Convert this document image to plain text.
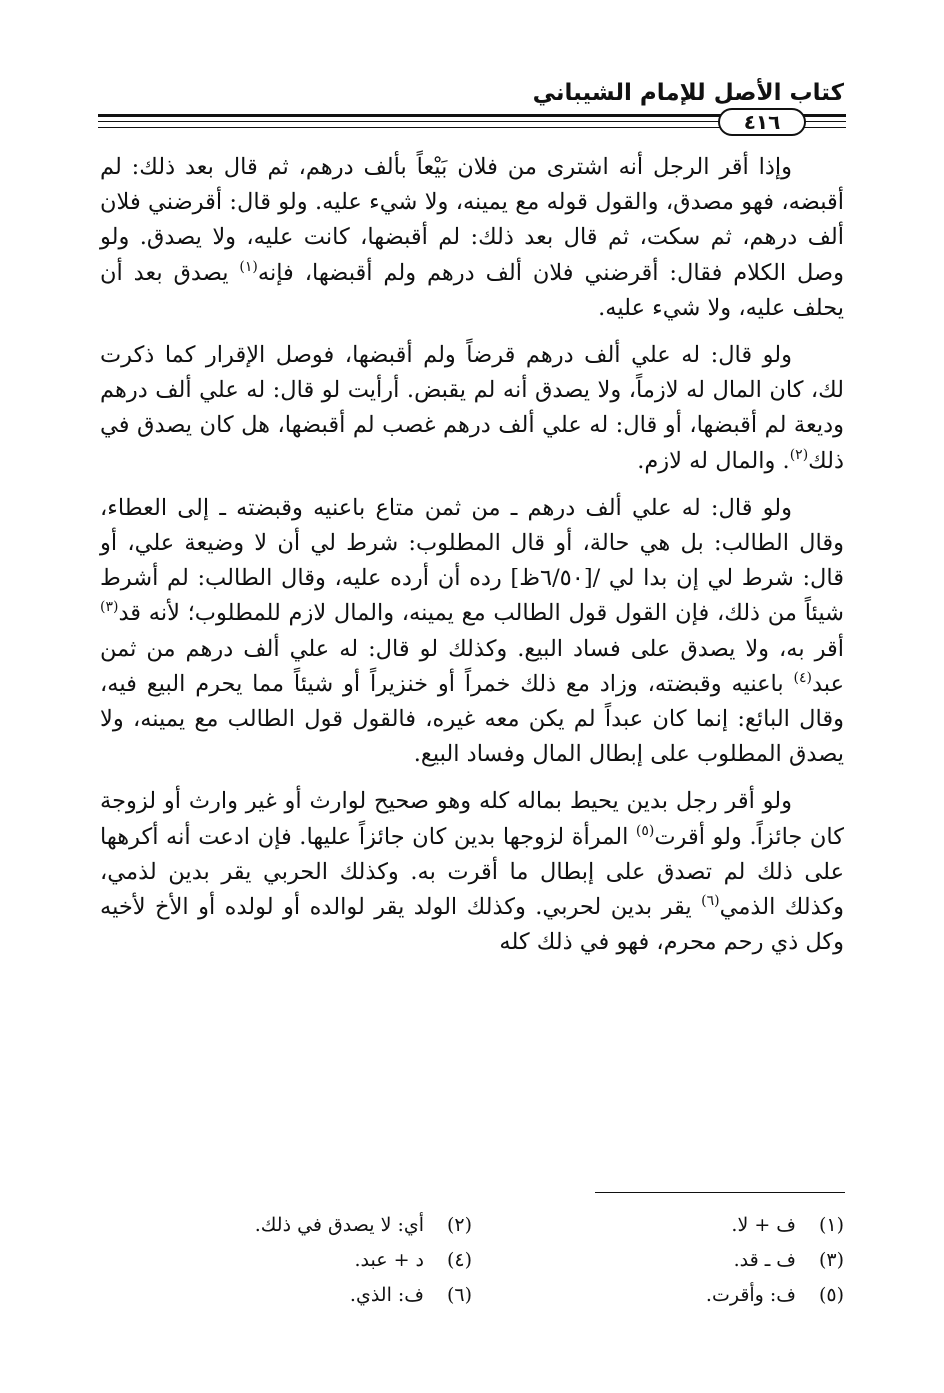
كتاب الأصل للإمام الشيباني
٤١٦

وإذا أقر الرجل أنه اشترى من فلان بَيْعاً بألف درهم، ثم قال بعد ذلك: لم أقبضه، فهو مصدق، والقول قوله مع يمينه، ولا شيء عليه. ولو قال: أقرضني فلان ألف درهم، ثم سكت، ثم قال بعد ذلك: لم أقبضها، كانت عليه، ولا يصدق. ولو وصل الكلام فقال: أقرضني فلان ألف درهم ولم أقبضها، فإنه$^{(١)}$ يصدق بعد أن يحلف عليه، ولا شيء عليه.

ولو قال: له علي ألف درهم قرضاً ولم أقبضها، فوصل الإقرار كما ذكرت لك، كان المال له لازماً، ولا يصدق أنه لم يقبض. أرأيت لو قال: له علي ألف درهم وديعة لم أقبضها، أو قال: له علي ألف درهم غصب لم أقبضها، هل كان يصدق في ذلك$^{(٢)}$. والمال له لازم.

ولو قال: له علي ألف درهم ـ من ثمن متاع باعنيه وقبضته ـ إلى العطاء، وقال الطالب: بل هي حالة، أو قال المطلوب: شرط لي أن لا وضيعة علي، أو قال: شرط لي إن بدا لي /[٦/٥٠ظ] رده أن أرده عليه، وقال الطالب: لم أشرط شيئاً من ذلك، فإن القول قول الطالب مع يمينه، والمال لازم للمطلوب؛ لأنه قد$^{(٣)}$ أقر به، ولا يصدق على فساد البيع. وكذلك لو قال: له علي ألف درهم من ثمن عبد$^{(٤)}$ باعنيه وقبضته، وزاد مع ذلك خمراً أو خنزيراً أو شيئاً مما يحرم البيع فيه، وقال البائع: إنما كان عبداً لم يكن معه غيره، فالقول قول الطالب مع يمينه، ولا يصدق المطلوب على إبطال المال وفساد البيع.

ولو أقر رجل بدين يحيط بماله كله وهو صحيح لوارث أو غير وارث أو لزوجة كان جائزاً. ولو أقرت$^{(٥)}$ المرأة لزوجها بدين كان جائزاً عليها. فإن ادعت أنه أكرهها على ذلك لم تصدق على إبطال ما أقرت به. وكذلك الحربي يقر بدين لذمي، وكذلك الذمي$^{(٦)}$ يقر بدين لحربي. وكذلك الولد يقر لوالده أو لولده أو الأخ لأخيه وكل ذي رحم محرم، فهو في ذلك كله

(١)ف + لا.
(٢)أي: لا يصدق في ذلك.
(٣)ف ـ قد.
(٤)د + عبد.
(٥)ف: وأقرت.
(٦)ف: الذي.
